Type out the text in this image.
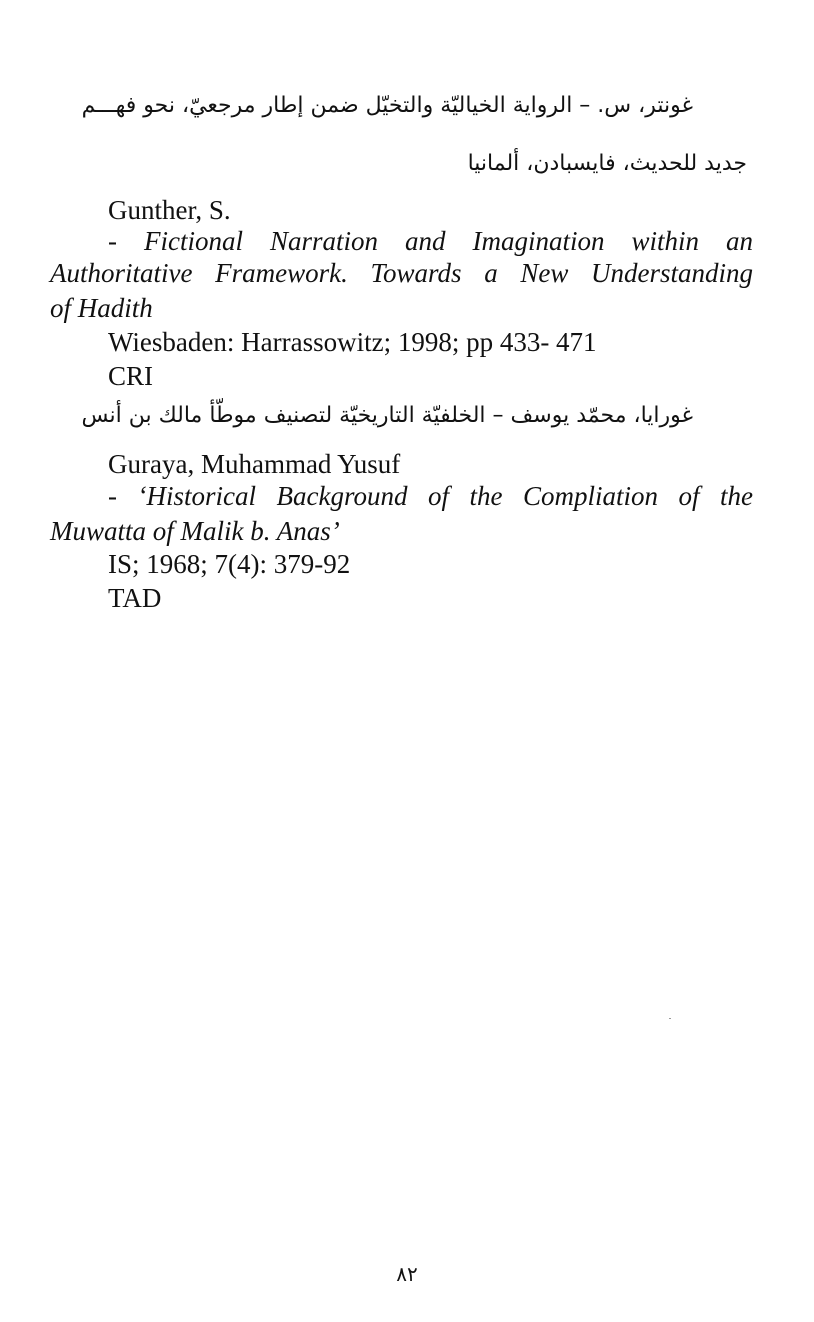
غونتر، س. – الرواية الخياليّة والتخيّل ضمن إطار مرجعيّ، نحو فهـــم
جديد للحديث، فايسبادن، ألمانيا
Gunther, S.
- Fictional Narration and Imagination within an
Authoritative Framework. Towards a New Understanding
of Hadith
Wiesbaden: Harrassowitz; 1998; pp 433- 471
CRI
غورايا، محمّد يوسف – الخلفيّة التاريخيّة لتصنيف موطّأ مالك بن أنس
Guraya, Muhammad Yusuf
- ‘Historical Background of the Compliation of the
Muwatta of Malik b. Anas’
IS; 1968; 7(4): 379-92
TAD
٨٢
